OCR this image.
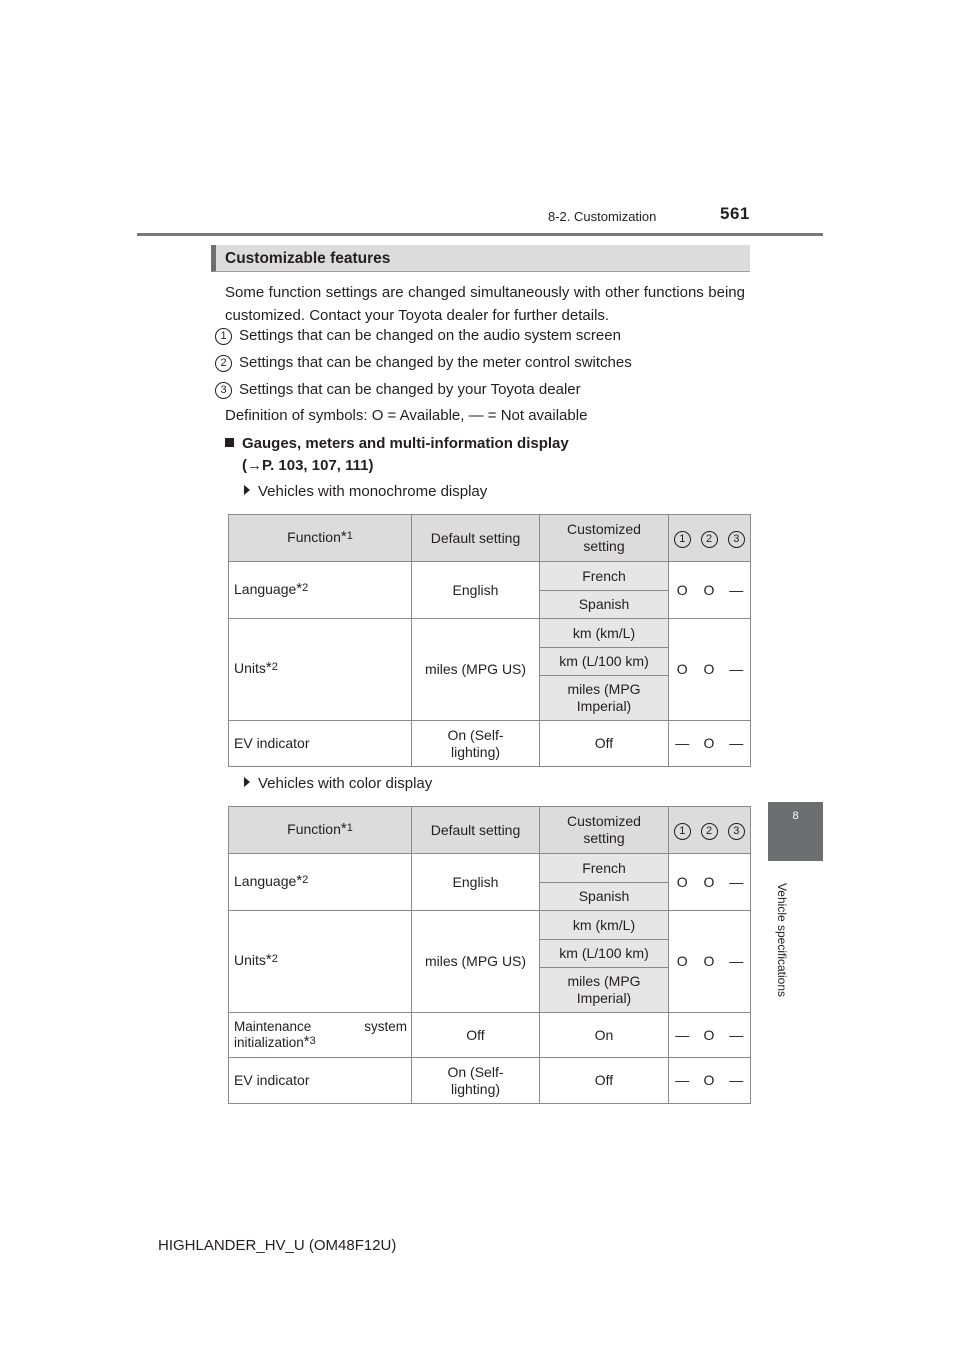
8-2. Customization	561
8
Vehicle specifications
Customizable features
Some function settings are changed simultaneously with other functions being customized. Contact your Toyota dealer for further details.
1 Settings that can be changed on the audio system screen
2 Settings that can be changed by the meter control switches
3 Settings that can be changed by your Toyota dealer
Definition of symbols: O = Available, — = Not available
Gauges, meters and multi-information display
(→P. 103, 107, 111)
Vehicles with monochrome display
Function$^{*1}$	Default setting	Customized setting	1	2	3
Language$^{*2}$	English	French	O	O	—
		Spanish			
Units$^{*2}$	miles (MPG US)	km (km/L)	O	O	—
		km (L/100 km)			
		miles (MPG Imperial)			
EV indicator	On (Self-lighting)	Off	—	O	—
Vehicles with color display
Function$^{*1}$	Default setting	Customized setting	1	2	3
Language$^{*2}$	English	French	O	O	—
		Spanish			
Units$^{*2}$	miles (MPG US)	km (km/L)	O	O	—
		km (L/100 km)			
		miles (MPG Imperial)			
Maintenance system initialization$^{*3}$	Off	On	—	O	—
EV indicator	On (Self-lighting)	Off	—	O	—
HIGHLANDER_HV_U (OM48F12U)
